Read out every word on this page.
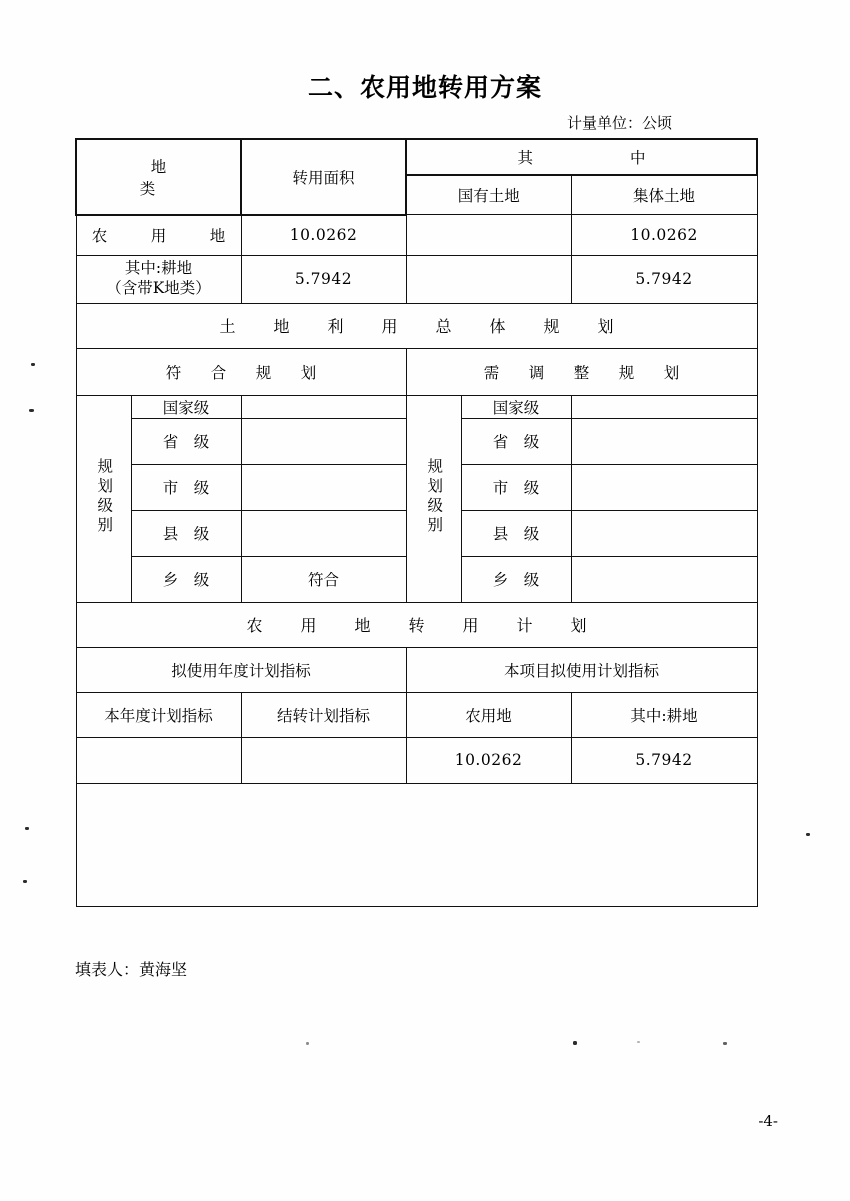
二、农用地转用方案
计量单位：公顷
地　　类		转用面积	其　　中		
			国有土地		集体土地
农　用　地		10.0262			10.0262

其中:耕地
（含带K地类）		5.7942			5.7942
土　地　利　用　总　体　规　划					
符　合　规　划			需　调　整　规　划		
规划级别	国家级		规划级别	国家级	
	省　级			省　级	
	市　级			市　级	
	县　级			县　级	
	乡　级	符合		乡　级	
农　用　地　转　用　计　划					
拟使用年度计划指标			本项目拟使用计划指标		
本年度计划指标		结转计划指标	农用地		其中:耕地
			10.0262		5.7942

填表人：黄海坚
-4-
